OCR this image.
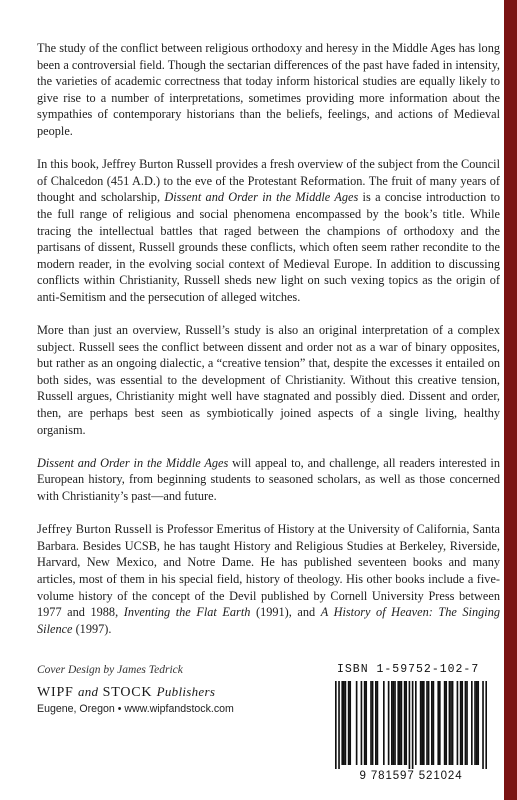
The study of the conflict between religious orthodoxy and heresy in the Middle Ages has long been a controversial field. Though the sectarian differences of the past have faded in intensity, the varieties of academic correctness that today inform historical studies are equally likely to give rise to a number of interpretations, sometimes providing more information about the sympathies of contemporary historians than the beliefs, feelings, and actions of Medieval people.

In this book, Jeffrey Burton Russell provides a fresh overview of the subject from the Council of Chalcedon (451 A.D.) to the eve of the Protestant Reformation. The fruit of many years of thought and scholarship, Dissent and Order in the Middle Ages is a concise introduction to the full range of religious and social phenomena encompassed by the book’s title. While tracing the intellectual battles that raged between the champions of orthodoxy and the partisans of dissent, Russell grounds these conflicts, which often seem rather recondite to the modern reader, in the evolving social context of Medieval Europe. In addition to discussing conflicts within Christianity, Russell sheds new light on such vexing topics as the origin of anti-Semitism and the persecution of alleged witches.

More than just an overview, Russell’s study is also an original interpretation of a complex subject. Russell sees the conflict between dissent and order not as a war of binary opposites, but rather as an ongoing dialectic, a “creative tension” that, despite the excesses it entailed on both sides, was essential to the development of Christianity. Without this creative tension, Russell argues, Christianity might well have stagnated and possibly died. Dissent and order, then, are perhaps best seen as symbiotically joined aspects of a single living, healthy organism.

Dissent and Order in the Middle Ages will appeal to, and challenge, all readers interested in European history, from beginning students to seasoned scholars, as well as those concerned with Christianity’s past—and future.

Jeffrey Burton Russell is Professor Emeritus of History at the University of California, Santa Barbara. Besides UCSB, he has taught History and Religious Studies at Berkeley, Riverside, Harvard, New Mexico, and Notre Dame. He has published seventeen books and many articles, most of them in his special field, history of theology. His other books include a five-volume history of the concept of the Devil published by Cornell University Press between 1977 and 1988, Inventing the Flat Earth (1991), and A History of Heaven: The Singing Silence (1997).

Cover Design by James Tedrick
WIPF and STOCK Publishers
Eugene, Oregon • www.wipfandstock.com
ISBN 1-59752-102-7
9 781597 521024
